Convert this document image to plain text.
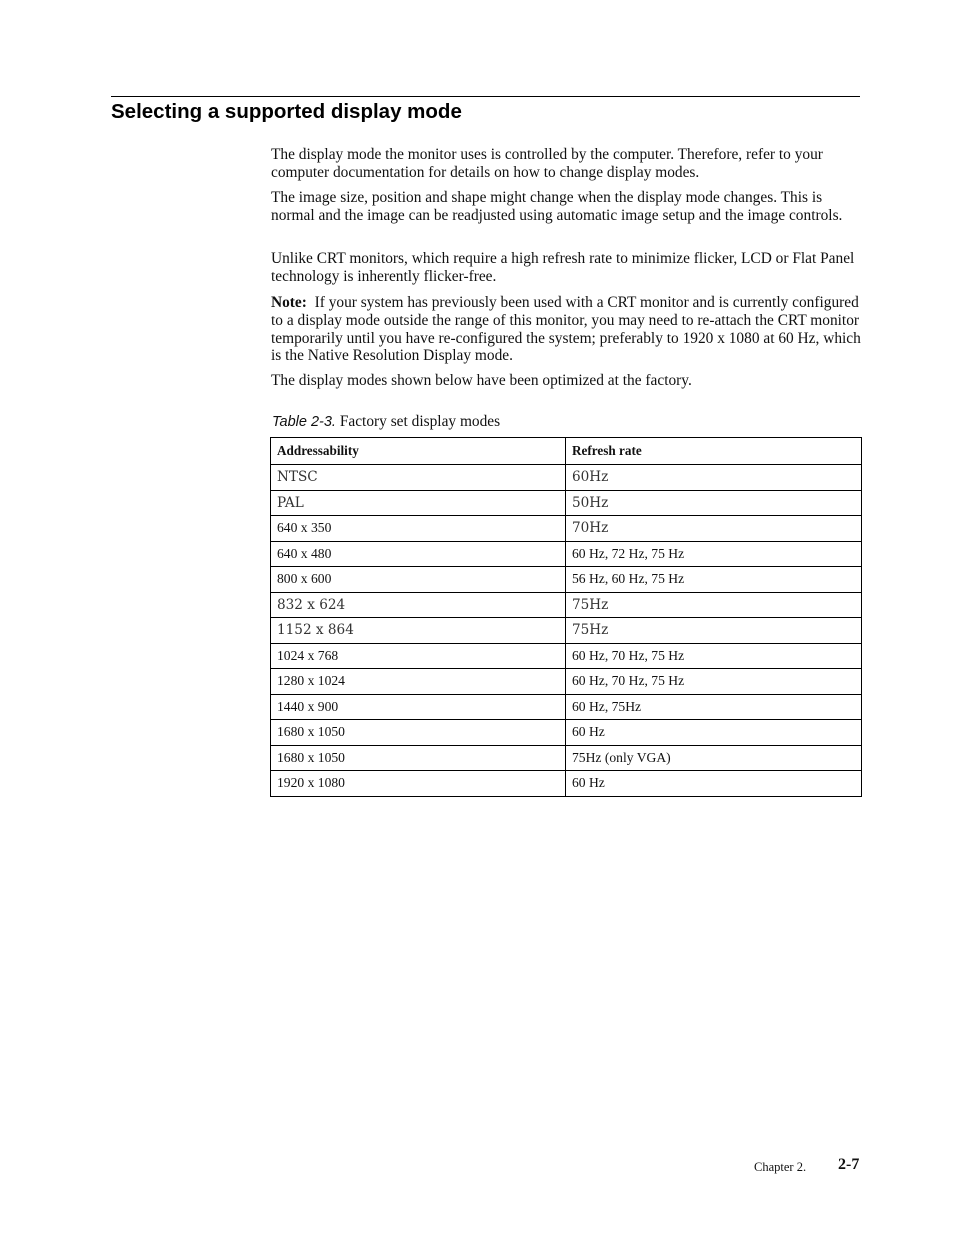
Selecting a supported display mode

The display mode the monitor uses is controlled by the computer. Therefore, refer to your computer documentation for details on how to change display modes.

The image size, position and shape might change when the display mode changes. This is normal and the image can be readjusted using automatic image setup and the image controls.

Unlike CRT monitors, which require a high refresh rate to minimize flicker, LCD or Flat Panel technology is inherently flicker-free.

Note: If your system has previously been used with a CRT monitor and is currently configured to a display mode outside the range of this monitor, you may need to re-attach the CRT monitor temporarily until you have re-configured the system; preferably to 1920 x 1080 at 60 Hz, which is the Native Resolution Display mode.

The display modes shown below have been optimized at the factory.

Table 2-3. Factory set display modes

Addressability	Refresh rate
NTSC	60Hz
PAL	50Hz
640 x 350	70Hz
640 x 480	60 Hz, 72 Hz, 75 Hz
800 x 600	56 Hz, 60 Hz, 75 Hz
832 x 624	75Hz
1152 x 864	75Hz
1024 x 768	60 Hz, 70 Hz, 75 Hz
1280 x 1024	60 Hz, 70 Hz, 75 Hz
1440 x 900	60 Hz, 75Hz
1680 x 1050	60 Hz
1680 x 1050	75Hz (only VGA)
1920 x 1080	60 Hz
Chapter 2. 2-7
